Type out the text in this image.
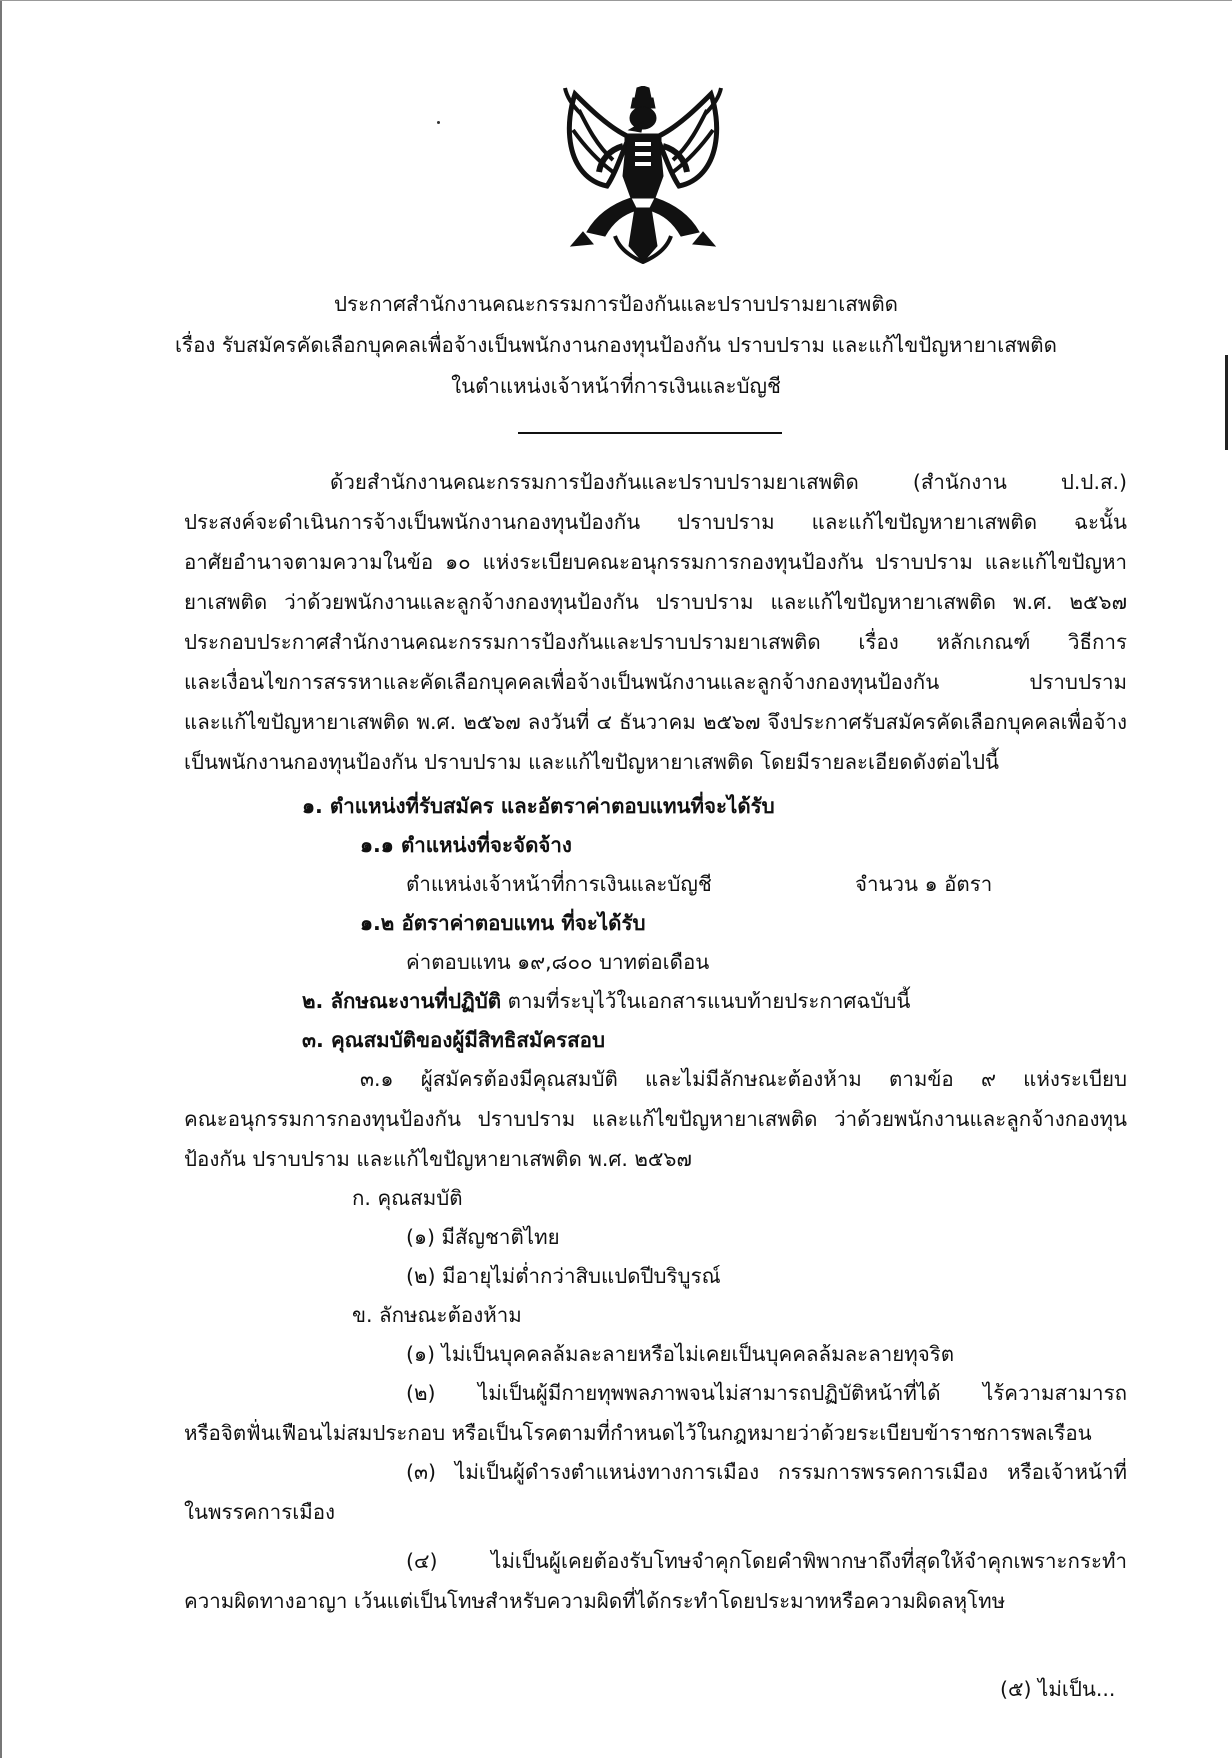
ประกาศสำนักงานคณะกรรมการป้องกันและปราบปรามยาเสพติด
เรื่อง รับสมัครคัดเลือกบุคคลเพื่อจ้างเป็นพนักงานกองทุนป้องกัน ปราบปราม และแก้ไขปัญหายาเสพติด
ในตำแหน่งเจ้าหน้าที่การเงินและบัญชี
ด้วยสำนักงานคณะกรรมการป้องกันและปราบปรามยาเสพติด (สำนักงาน ป.ป.ส.)
ประสงค์จะดำเนินการจ้างเป็นพนักงานกองทุนป้องกัน ปราบปราม และแก้ไขปัญหายาเสพติด ฉะนั้น
อาศัยอำนาจตามความในข้อ ๑๐ แห่งระเบียบคณะอนุกรรมการกองทุนป้องกัน ปราบปราม และแก้ไขปัญหา
ยาเสพติด ว่าด้วยพนักงานและลูกจ้างกองทุนป้องกัน ปราบปราม และแก้ไขปัญหายาเสพติด พ.ศ. ๒๕๖๗
ประกอบประกาศสำนักงานคณะกรรมการป้องกันและปราบปรามยาเสพติด เรื่อง หลักเกณฑ์ วิธีการ
และเงื่อนไขการสรรหาและคัดเลือกบุคคลเพื่อจ้างเป็นพนักงานและลูกจ้างกองทุนป้องกัน ปราบปราม
และแก้ไขปัญหายาเสพติด พ.ศ. ๒๕๖๗ ลงวันที่ ๔ ธันวาคม ๒๕๖๗ จึงประกาศรับสมัครคัดเลือกบุคคลเพื่อจ้าง
เป็นพนักงานกองทุนป้องกัน ปราบปราม และแก้ไขปัญหายาเสพติด โดยมีรายละเอียดดังต่อไปนี้
๑. ตำแหน่งที่รับสมัคร และอัตราค่าตอบแทนที่จะได้รับ
๑.๑ ตำแหน่งที่จะจัดจ้าง
ตำแหน่งเจ้าหน้าที่การเงินและบัญชี	จำนวน ๑ อัตรา
๑.๒ อัตราค่าตอบแทน ที่จะได้รับ
ค่าตอบแทน ๑๙,๘๐๐ บาทต่อเดือน
๒. ลักษณะงานที่ปฏิบัติ ตามที่ระบุไว้ในเอกสารแนบท้ายประกาศฉบับนี้
๓. คุณสมบัติของผู้มีสิทธิสมัครสอบ
๓.๑ ผู้สมัครต้องมีคุณสมบัติ และไม่มีลักษณะต้องห้าม ตามข้อ ๙ แห่งระเบียบ
คณะอนุกรรมการกองทุนป้องกัน ปราบปราม และแก้ไขปัญหายาเสพติด ว่าด้วยพนักงานและลูกจ้างกองทุน
ป้องกัน ปราบปราม และแก้ไขปัญหายาเสพติด พ.ศ. ๒๕๖๗
ก. คุณสมบัติ
(๑) มีสัญชาติไทย
(๒) มีอายุไม่ต่ำกว่าสิบแปดปีบริบูรณ์
ข. ลักษณะต้องห้าม
(๑) ไม่เป็นบุคคลล้มละลายหรือไม่เคยเป็นบุคคลล้มละลายทุจริต
(๒) ไม่เป็นผู้มีกายทุพพลภาพจนไม่สามารถปฏิบัติหน้าที่ได้ ไร้ความสามารถ
หรือจิตฟั่นเฟือนไม่สมประกอบ หรือเป็นโรคตามที่กำหนดไว้ในกฎหมายว่าด้วยระเบียบข้าราชการพลเรือน
(๓) ไม่เป็นผู้ดำรงตำแหน่งทางการเมือง กรรมการพรรคการเมือง หรือเจ้าหน้าที่
ในพรรคการเมือง
(๔) ไม่เป็นผู้เคยต้องรับโทษจำคุกโดยคำพิพากษาถึงที่สุดให้จำคุกเพราะกระทำ
ความผิดทางอาญา เว้นแต่เป็นโทษสำหรับความผิดที่ได้กระทำโดยประมาทหรือความผิดลหุโทษ
(๕) ไม่เป็น...
